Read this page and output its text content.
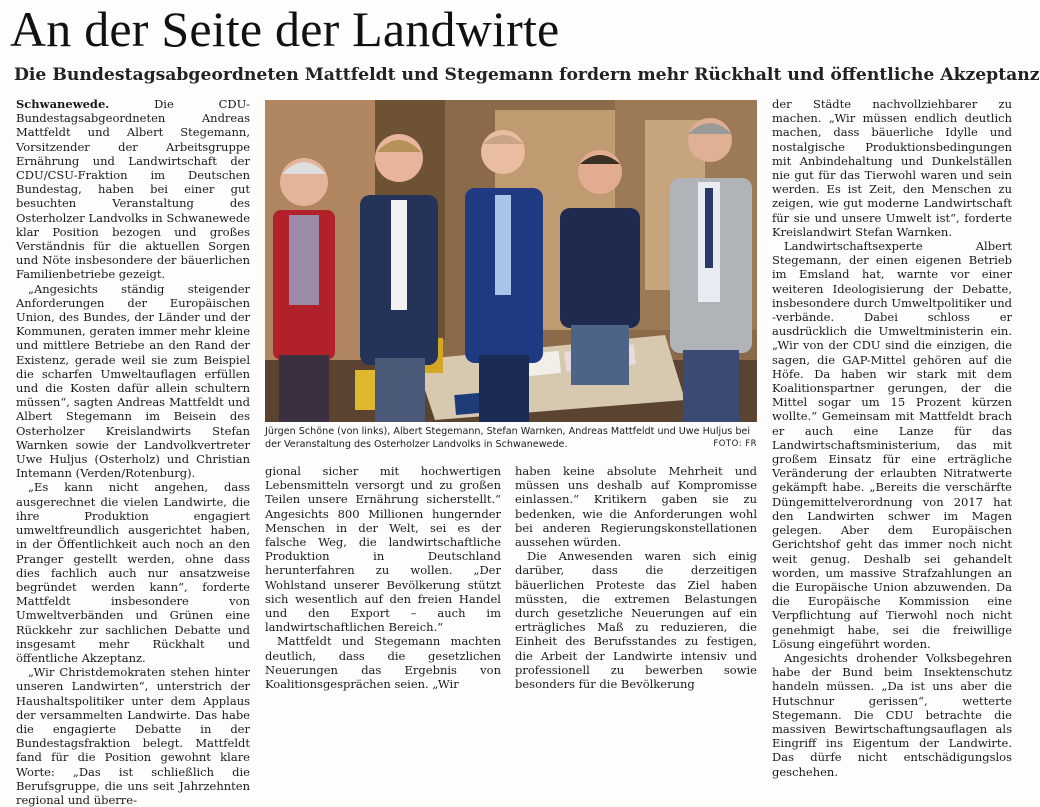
An der Seite der Landwirte
Die Bundestagsabgeordneten Mattfeldt und Stegemann fordern mehr Rückhalt und öffentliche Akzeptanz

Schwanewede. Die CDU-Bundestagsabgeordneten Andreas Mattfeldt und Albert Stegemann, Vorsitzender der Arbeitsgruppe Ernährung und Landwirtschaft der CDU/CSU-Fraktion im Deutschen Bundestag, haben bei einer gut besuchten Veranstaltung des Osterholzer Landvolks in Schwanewede klar Position bezogen und großes Verständnis für die aktuellen Sorgen und Nöte insbesondere der bäuerlichen Familienbetriebe gezeigt.

„Angesichts ständig steigender Anforderungen der Europäischen Union, des Bundes, der Länder und der Kommunen, geraten immer mehr kleine und mittlere Betriebe an den Rand der Existenz, gerade weil sie zum Beispiel die scharfen Umweltauflagen erfüllen und die Kosten dafür allein schultern müssen“, sagten Andreas Mattfeldt und Albert Stegemann im Beisein des Osterholzer Kreislandwirts Stefan Warnken sowie der Landvolkvertreter Uwe Huljus (Osterholz) und Christian Intemann (Verden/Rotenburg).

„Es kann nicht angehen, dass ausgerechnet die vielen Landwirte, die ihre Produktion engagiert umweltfreundlich ausgerichtet haben, in der Öffentlichkeit auch noch an den Pranger gestellt werden, ohne dass dies fachlich auch nur ansatzweise begründet werden kann“, forderte Mattfeldt insbesondere von Umweltverbänden und Grünen eine Rückkehr zur sachlichen Debatte und insgesamt mehr Rückhalt und öffentliche Akzeptanz.

„Wir Christdemokraten stehen hinter unseren Landwirten“, unterstrich der Haushaltspolitiker unter dem Applaus der versammelten Landwirte. Das habe die engagierte Debatte in der Bundestagsfraktion belegt. Mattfeldt fand für die Position gewohnt klare Worte: „Das ist schließlich die Berufsgruppe, die uns seit Jahrzehnten regional und überre-

Jürgen Schöne (von links), Albert Stegemann, Stefan Warnken, Andreas Mattfeldt und Uwe Huljus bei der Veranstaltung des Osterholzer Landvolks in Schwanewede.	FOTO: FR

gional sicher mit hochwertigen Lebensmitteln versorgt und zu großen Teilen unsere Ernährung sicherstellt.“ Angesichts 800 Millionen hungernder Menschen in der Welt, sei es der falsche Weg, die landwirtschaftliche Produktion in Deutschland herunterfahren zu wollen. „Der Wohlstand unserer Bevölkerung stützt sich wesentlich auf den freien Handel und den Export – auch im landwirtschaftlichen Bereich.“

Mattfeldt und Stegemann machten deutlich, dass die gesetzlichen Neuerungen das Ergebnis von Koalitionsgesprächen seien. „Wir

haben keine absolute Mehrheit und müssen uns deshalb auf Kompromisse einlassen.“ Kritikern gaben sie zu bedenken, wie die Anforderungen wohl bei anderen Regierungskonstellationen aussehen würden.

Die Anwesenden waren sich einig darüber, dass die derzeitigen bäuerlichen Proteste das Ziel haben müssten, die extremen Belastungen durch gesetzliche Neuerungen auf ein erträgliches Maß zu reduzieren, die Einheit des Berufsstandes zu festigen, die Arbeit der Landwirte intensiv und professionell zu bewerben sowie besonders für die Bevölkerung

der Städte nachvollziehbarer zu machen. „Wir müssen endlich deutlich machen, dass bäuerliche Idylle und nostalgische Produktionsbedingungen mit Anbindehaltung und Dunkelställen nie gut für das Tierwohl waren und sein werden. Es ist Zeit, den Menschen zu zeigen, wie gut moderne Landwirtschaft für sie und unsere Umwelt ist“, forderte Kreislandwirt Stefan Warnken.

Landwirtschaftsexperte Albert Stegemann, der einen eigenen Betrieb im Emsland hat, warnte vor einer weiteren Ideologisierung der Debatte, insbesondere durch Umweltpolitiker und -verbände. Dabei schloss er ausdrücklich die Umweltministerin ein. „Wir von der CDU sind die einzigen, die sagen, die GAP-Mittel gehören auf die Höfe. Da haben wir stark mit dem Koalitionspartner gerungen, der die Mittel sogar um 15 Prozent kürzen wollte.“ Gemeinsam mit Mattfeldt brach er auch eine Lanze für das Landwirtschaftsministerium, das mit großem Einsatz für eine erträgliche Veränderung der erlaubten Nitratwerte gekämpft habe. „Bereits die verschärfte Düngemittelverordnung von 2017 hat den Landwirten schwer im Magen gelegen. Aber dem Europäischen Gerichtshof geht das immer noch nicht weit genug. Deshalb sei gehandelt worden, um massive Strafzahlungen an die Europäische Union abzuwenden. Da die Europäische Kommission eine Verpflichtung auf Tierwohl noch nicht genehmigt habe, sei die freiwillige Lösung eingeführt worden.

Angesichts drohender Volksbegehren habe der Bund beim Insektenschutz handeln müssen. „Da ist uns aber die Hutschnur gerissen“, wetterte Stegemann. Die CDU betrachte die massiven Bewirtschaftungsauflagen als Eingriff ins Eigentum der Landwirte. Das dürfe nicht entschädigungslos geschehen.
